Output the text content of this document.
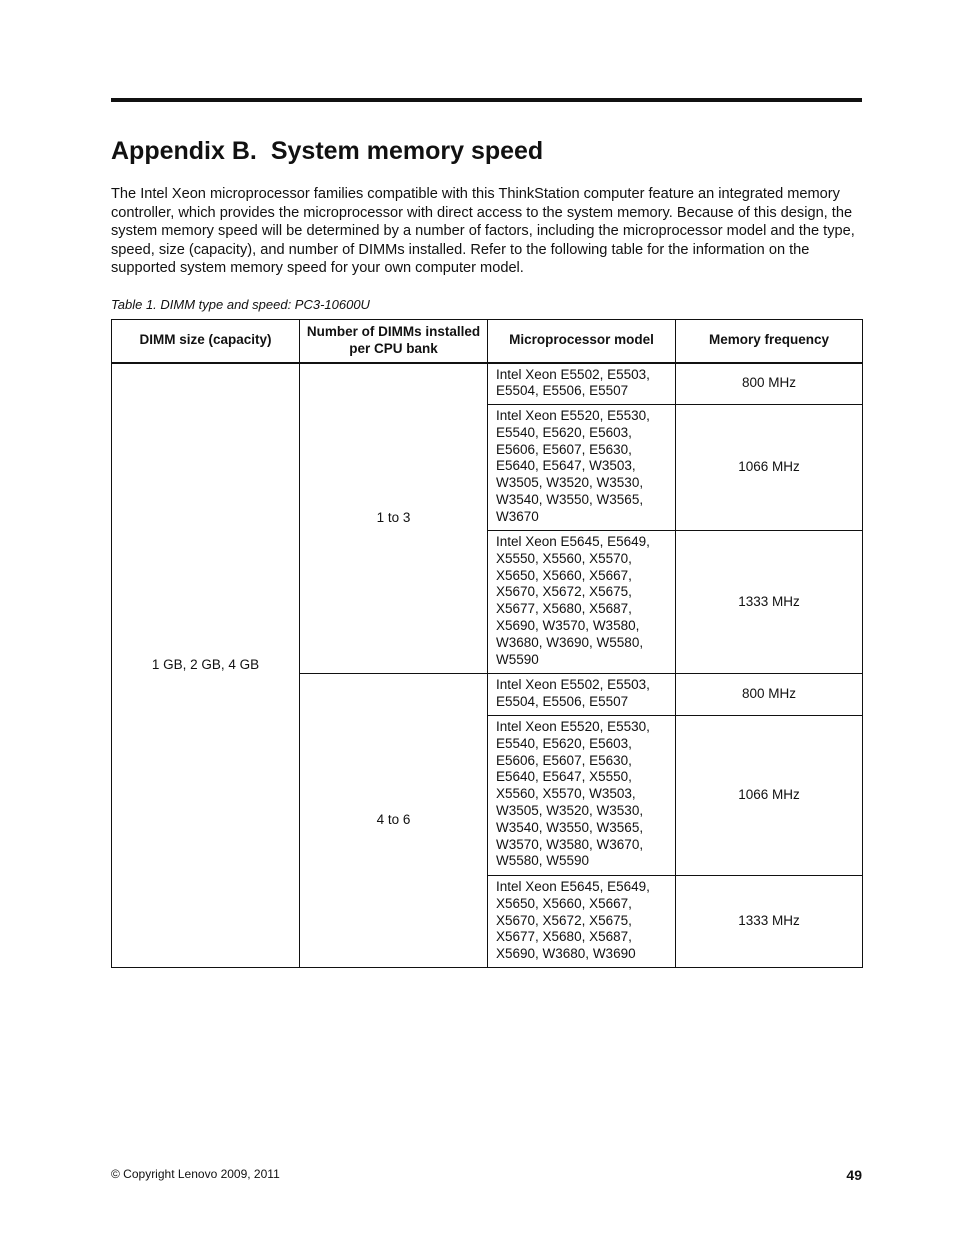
Appendix B. System memory speed

The Intel Xeon microprocessor families compatible with this ThinkStation computer feature an integrated memory controller, which provides the microprocessor with direct access to the system memory. Because of this design, the system memory speed will be determined by a number of factors, including the microprocessor model and the type, speed, size (capacity), and number of DIMMs installed. Refer to the following table for the information on the supported system memory speed for your own computer model.

Table 1. DIMM type and speed: PC3-10600U

DIMM size (capacity)	Number of DIMMs installed per CPU bank	Microprocessor model	Memory frequency
1 GB, 2 GB, 4 GB	1 to 3	Intel Xeon E5502, E5503, E5504, E5506, E5507	800 MHz
		Intel Xeon E5520, E5530, E5540, E5620, E5603, E5606, E5607, E5630, E5640, E5647, W3503, W3505, W3520, W3530, W3540, W3550, W3565, W3670	1066 MHz
		Intel Xeon E5645, E5649, X5550, X5560, X5570, X5650, X5660, X5667, X5670, X5672, X5675, X5677, X5680, X5687, X5690, W3570, W3580, W3680, W3690, W5580, W5590	1333 MHz
	4 to 6	Intel Xeon E5502, E5503, E5504, E5506, E5507	800 MHz
		Intel Xeon E5520, E5530, E5540, E5620, E5603, E5606, E5607, E5630, E5640, E5647, X5550, X5560, X5570, W3503, W3505, W3520, W3530, W3540, W3550, W3565, W3570, W3580, W3670, W5580, W5590	1066 MHz
		Intel Xeon E5645, E5649, X5650, X5660, X5667, X5670, X5672, X5675, X5677, X5680, X5687, X5690, W3680, W3690	1333 MHz

© Copyright Lenovo 2009, 2011	49
